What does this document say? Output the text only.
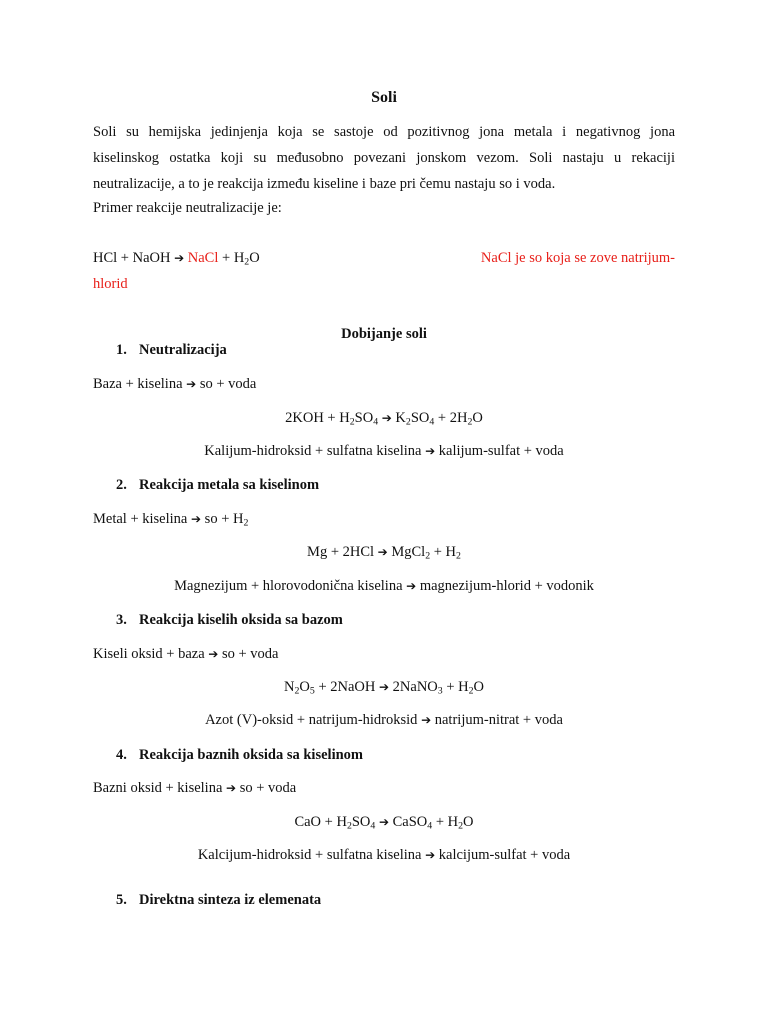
Soli
Soli su hemijska jedinjenja koja se sastoje od pozitivnog jona metala i negativnog jona
kiselinskog ostatka koji su međusobno povezani jonskom vezom. Soli nastaju u rekaciji
neutralizacije, a to je reakcija između kiseline i baze pri čemu nastaju so i voda.
Primer reakcije neutralizacije je:
HCl + NaOH ➔ NaCl + $H_2O$	NaCl je so koja se zove natrijum-
hlorid
Dobijanje soli
1. Neutralizacija
Baza + kiselina ➔ so + voda
$2KOH + H_2SO_4$ ➔ $K_2SO_4 + 2H_2O$
Kalijum-hidroksid + sulfatna kiselina ➔ kalijum-sulfat + voda
2. Reakcija metala sa kiselinom
Metal + kiselina ➔ so + $H_2$
Mg + 2HCl ➔ MgCl$_2$ + $H_2$
Magnezijum + hlorovodonična kiselina ➔ magnezijum-hlorid + vodonik
3. Reakcija kiselih oksida sa bazom
Kiseli oksid + baza ➔ so + voda
$N_2O_5$ + 2NaOH ➔ 2NaNO$_3$ + $H_2O$
Azot (V)-oksid + natrijum-hidroksid ➔ natrijum-nitrat + voda
4. Reakcija baznih oksida sa kiselinom
Bazni oksid + kiselina ➔ so + voda
CaO + $H_2SO_4$ ➔ CaSO$_4$ + $H_2O$
Kalcijum-hidroksid + sulfatna kiselina ➔ kalcijum-sulfat + voda
5. Direktna sinteza iz elemenata
